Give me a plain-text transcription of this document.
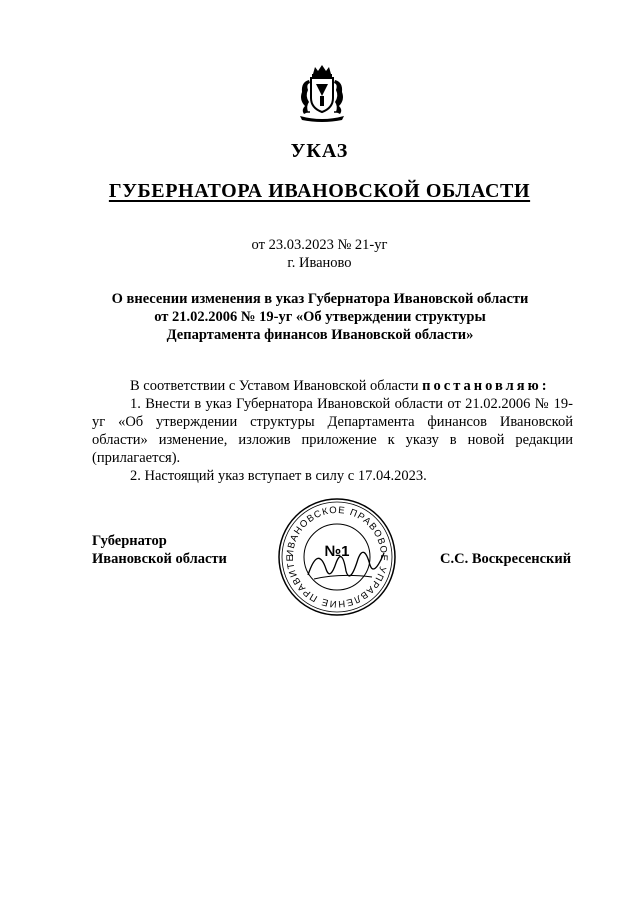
УКАЗ
ГУБЕРНАТОРА ИВАНОВСКОЙ ОБЛАСТИ
от 23.03.2023 № 21-уг
г. Иваново
О внесении изменения в указ Губернатора Ивановской области
от 21.02.2006 № 19-уг «Об утверждении структуры
Департамента финансов Ивановской области»

В соответствии с Уставом Ивановской области постановляю:

1. Внести в указ Губернатора Ивановской области от 21.02.2006 № 19-уг «Об утверждении структуры Департамента финансов Ивановской области» изменение, изложив приложение к указу в новой редакции (прилагается).

2. Настоящий указ вступает в силу с 17.04.2023.

Губернатор
Ивановской области	ИВАНОВСКОЕ ПРАВОВОЕ УПРАВЛЕНИЕ ПРАВИТЕ	№1	С.С. Воскресенский
